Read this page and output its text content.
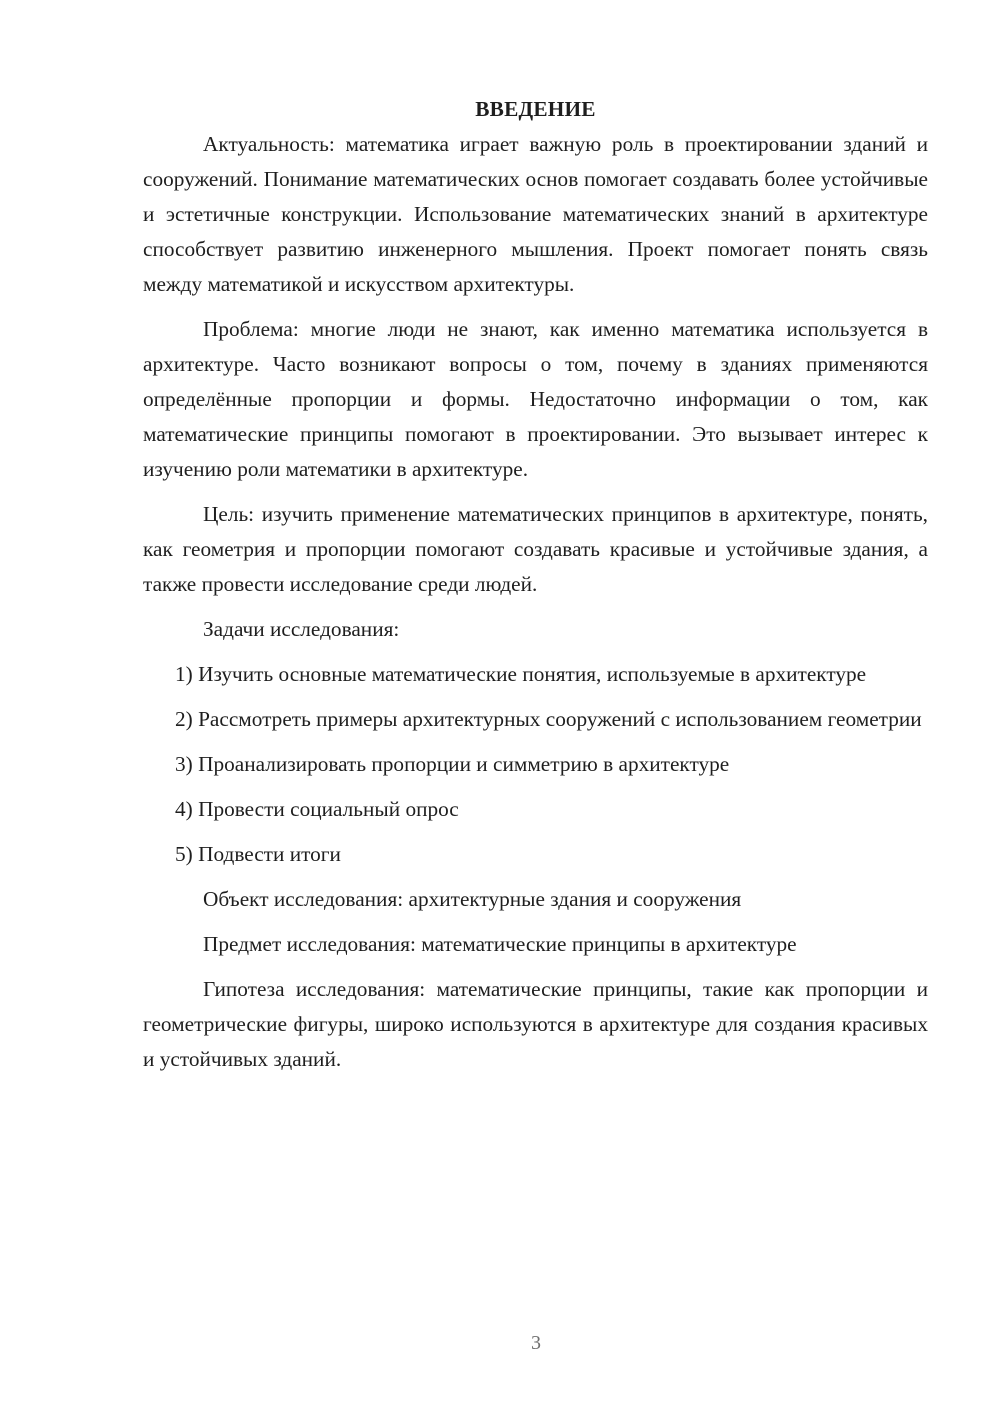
ВВЕДЕНИЕ

Актуальность: математика играет важную роль в проектировании зданий и сооружений. Понимание математических основ помогает создавать более устойчивые и эстетичные конструкции. Использование математических знаний в архитектуре способствует развитию инженерного мышления. Проект помогает понять связь между математикой и искусством архитектуры.

Проблема: многие люди не знают, как именно математика используется в архитектуре. Часто возникают вопросы о том, почему в зданиях применяются определённые пропорции и формы. Недостаточно информации о том, как математические принципы помогают в проектировании. Это вызывает интерес к изучению роли математики в архитектуре.

Цель: изучить применение математических принципов в архитектуре, понять, как геометрия и пропорции помогают создавать красивые и устойчивые здания, а также провести исследование среди людей.

Задачи исследования:

1) Изучить основные математические понятия, используемые в архитектуре

2) Рассмотреть примеры архитектурных сооружений с использованием геометрии

3) Проанализировать пропорции и симметрию в архитектуре

4) Провести социальный опрос

5) Подвести итоги

Объект исследования: архитектурные здания и сооружения

Предмет исследования: математические принципы в архитектуре

Гипотеза исследования: математические принципы, такие как пропорции и геометрические фигуры, широко используются в архитектуре для создания красивых и устойчивых зданий.

3
